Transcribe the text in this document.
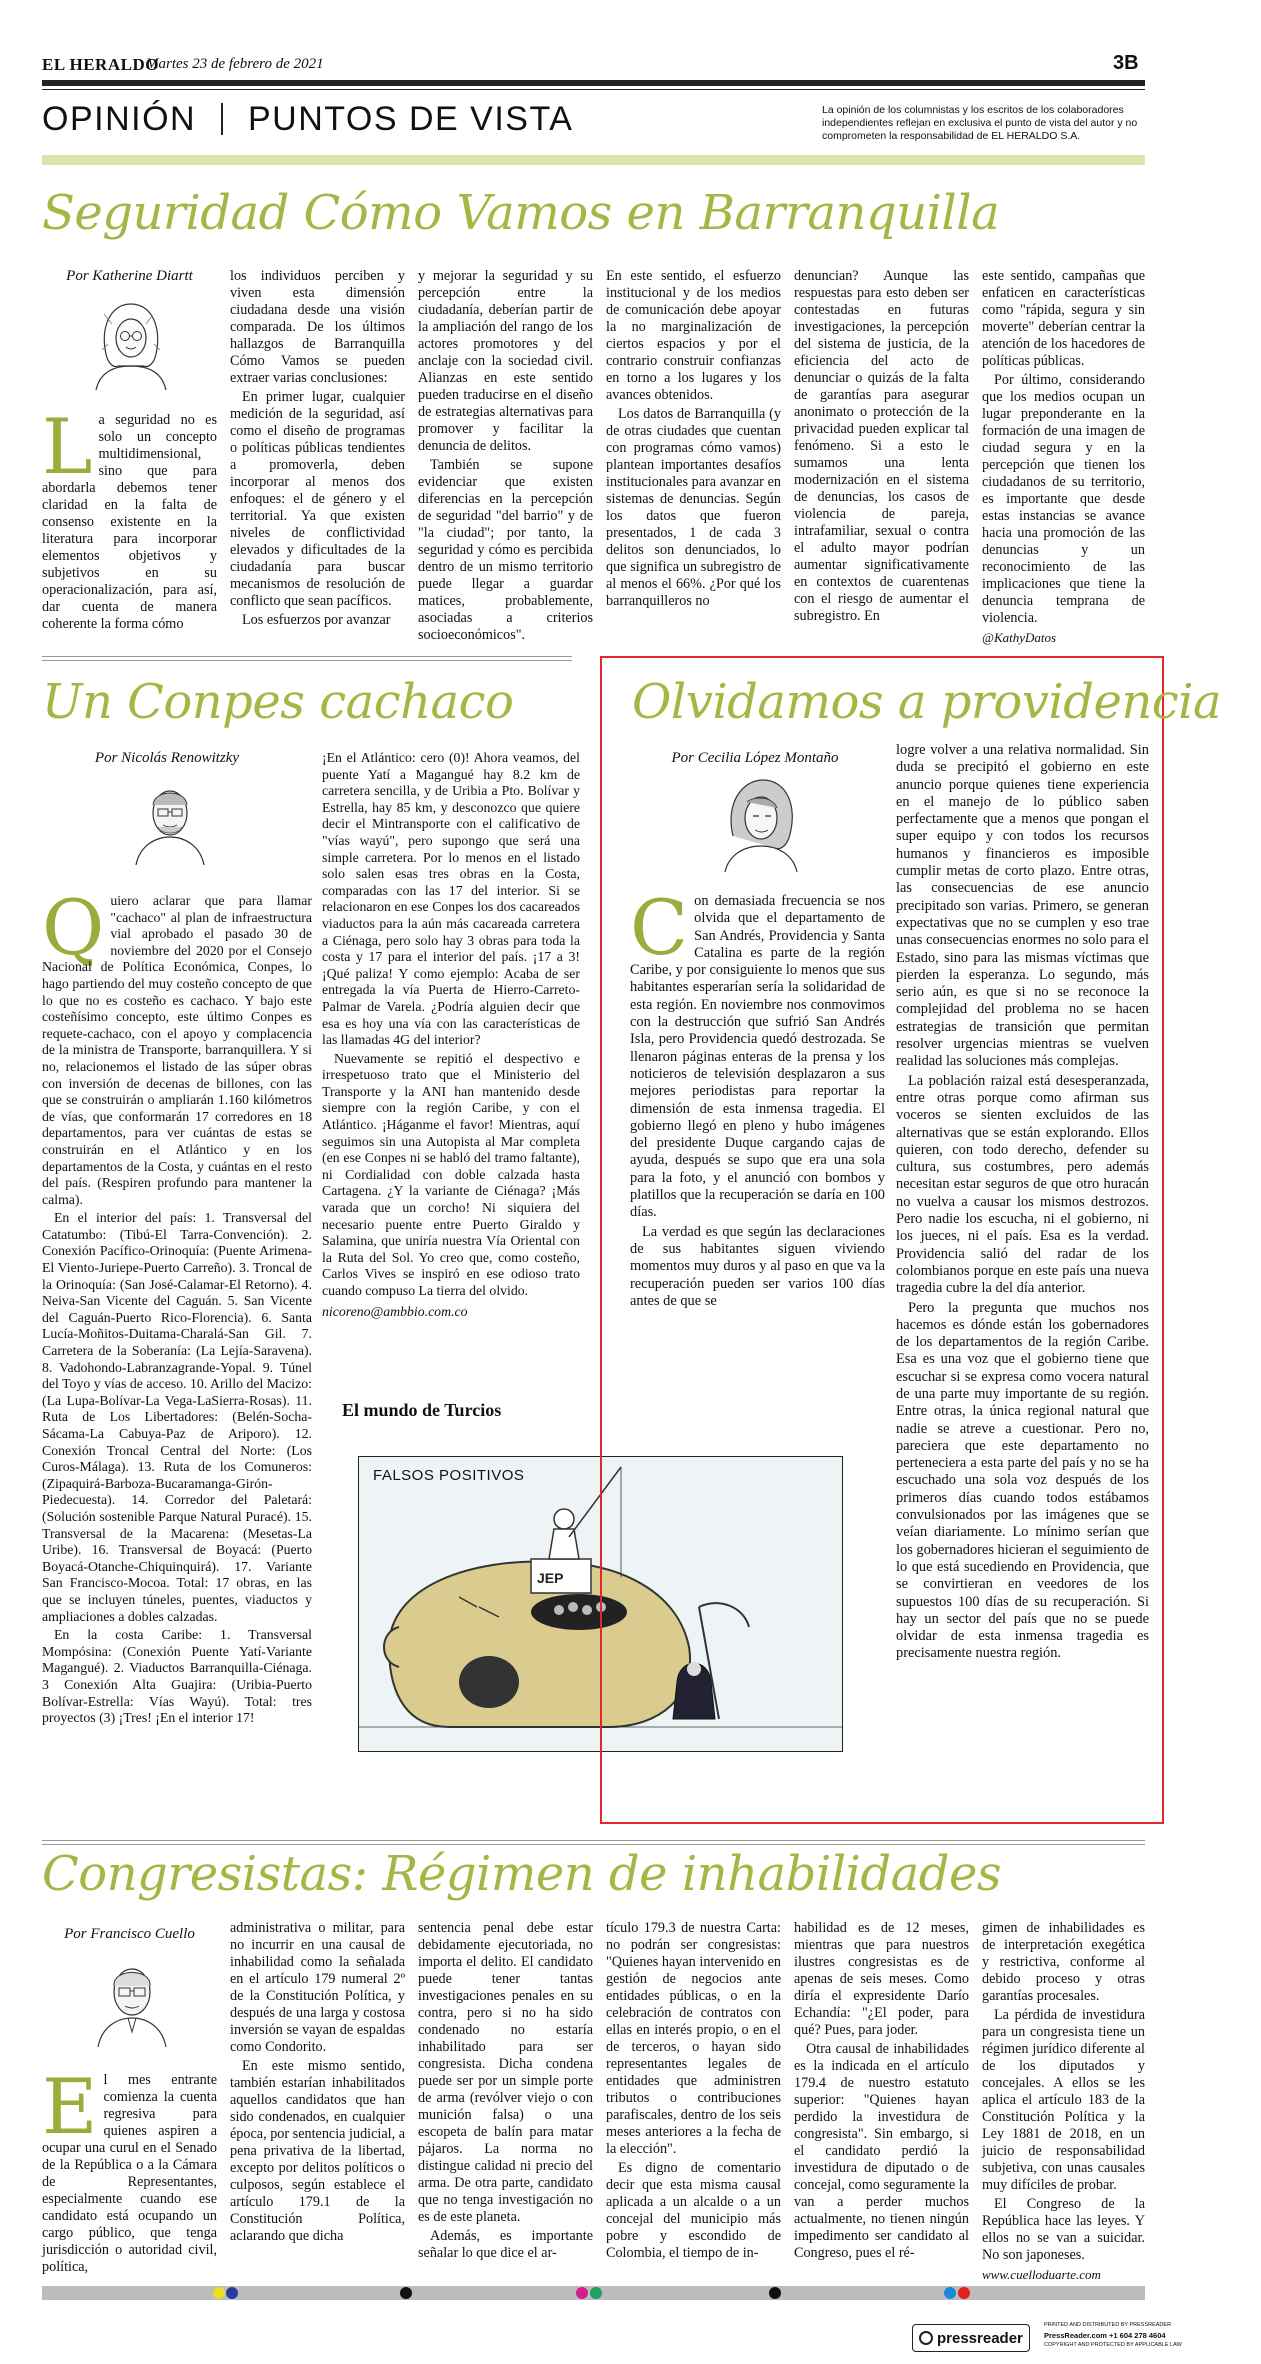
EL HERALDO
Martes 23 de febrero de 2021	3B
OPINIÓN PUNTOS DE VISTA	La opinión de los columnistas y los escritos de los colaboradores independientes reflejan en exclusiva el punto de vista del autor y no comprometen la responsabilidad de EL HERALDO S.A.
Seguridad Cómo Vamos en Barranquilla
Por Katherine Diartt
L a seguridad no es solo un concepto multidimensional, sino que para abordarla debemos tener claridad en la falta de consenso existente en la literatura para incorporar elementos objetivos y subjetivos en su operacionalización, para así, dar cuenta de manera coherente la forma cómo

los individuos perciben y viven esta dimensión ciudadana desde una visión comparada. De los últimos hallazgos de Barranquilla Cómo Vamos se pueden extraer varias conclusiones:

En primer lugar, cualquier medición de la seguridad, así como el diseño de programas o políticas públicas tendientes a promoverla, deben incorporar al menos dos enfoques: el de género y el territorial. Ya que existen niveles de conflictividad elevados y dificultades de la ciudadanía para buscar mecanismos de resolución de conflicto que sean pacíficos.

Los esfuerzos por avanzar

y mejorar la seguridad y su percepción entre la ciudadanía, deberían partir de la ampliación del rango de los actores promotores y del anclaje con la sociedad civil. Alianzas en este sentido pueden traducirse en el diseño de estrategias alternativas para promover y facilitar la denuncia de delitos.

También se supone evidenciar que existen diferencias en la percepción de seguridad "del barrio" y de "la ciudad"; por tanto, la seguridad y cómo es percibida dentro de un mismo territorio puede llegar a guardar matices, probablemente, asociadas a criterios socioeconómicos".

En este sentido, el esfuerzo institucional y de los medios de comunicación debe apoyar la no marginalización de ciertos espacios y por el contrario construir confianzas en torno a los lugares y los avances obtenidos.

Los datos de Barranquilla (y de otras ciudades que cuentan con programas cómo vamos) plantean importantes desafíos institucionales para avanzar en sistemas de denuncias. Según los datos que fueron presentados, 1 de cada 3 delitos son denunciados, lo que significa un subregistro de al menos el 66%. ¿Por qué los barranquilleros no

denuncian? Aunque las respuestas para esto deben ser contestadas en futuras investigaciones, la percepción del sistema de justicia, de la eficiencia del acto de denunciar o quizás de la falta de garantías para asegurar anonimato o protección de la privacidad pueden explicar tal fenómeno. Si a esto le sumamos una lenta modernización en el sistema de denuncias, los casos de violencia de pareja, intrafamiliar, sexual o contra el adulto mayor podrían aumentar significativamente en contextos de cuarentenas con el riesgo de aumentar el subregistro. En

este sentido, campañas que enfaticen en características como "rápida, segura y sin moverte" deberían centrar la atención de los hacedores de políticas públicas.

Por último, considerando que los medios ocupan un lugar preponderante en la formación de una imagen de ciudad segura y en la percepción que tienen los ciudadanos de su territorio, es importante que desde estas instancias se avance hacia una promoción de las denuncias y un reconocimiento de las implicaciones que tiene la denuncia temprana de violencia.

@KathyDatos

Un Conpes cachaco
Por Nicolás Renowitzky
Q uiero aclarar que para llamar "cachaco" al plan de infraestructura vial aprobado el pasado 30 de noviembre del 2020 por el Consejo Nacional de Política Económica, Conpes, lo hago partiendo del muy costeño concepto de que lo que no es costeño es cachaco. Y bajo este costeñísimo concepto, este último Conpes es requete-cachaco, con el apoyo y complacencia de la ministra de Transporte, barranquillera. Y si no, relacionemos el listado de las súper obras con inversión de decenas de billones, con las que se construirán o ampliarán 1.160 kilómetros de vías, que conformarán 17 corredores en 18 departamentos, para ver cuántas de estas se construirán en el Atlántico y en los departamentos de la Costa, y cuántas en el resto del país. (Respiren profundo para mantener la calma).

En el interior del país: 1. Transversal del Catatumbo: (Tibú-El Tarra-Convención). 2. Conexión Pacífico-Orinoquía: (Puente Arimena-El Viento-Juriepe-Puerto Carreño). 3. Troncal de la Orinoquía: (San José-Calamar-El Retorno). 4. Neiva-San Vicente del Caguán. 5. San Vicente del Caguán-Puerto Rico-Florencia). 6. Santa Lucía-Moñitos-Duitama-Charalá-San Gil. 7. Carretera de la Soberanía: (La Lejía-Saravena). 8. Vadohondo-Labranzagrande-Yopal. 9. Túnel del Toyo y vías de acceso. 10. Arillo del Macizo: (La Lupa-Bolívar-La Vega-LaSierra-Rosas). 11. Ruta de Los Libertadores: (Belén-Socha-Sácama-La Cabuya-Paz de Ariporo). 12. Conexión Troncal Central del Norte: (Los Curos-Málaga). 13. Ruta de los Comuneros: (Zipaquirá-Barboza-Bucaramanga-Girón-Piedecuesta). 14. Corredor del Paletará: (Solución sostenible Parque Natural Puracé). 15. Transversal de la Macarena: (Mesetas-La Uribe). 16. Transversal de Boyacá: (Puerto Boyacá-Otanche-Chiquinquirá). 17. Variante San Francisco-Mocoa. Total: 17 obras, en las que se incluyen túneles, puentes, viaductos y ampliaciones a dobles calzadas.

En la costa Caribe: 1. Transversal Mompósina: (Conexión Puente Yatí-Variante Magangué). 2. Viaductos Barranquilla-Ciénaga. 3 Conexión Alta Guajira: (Uribia-Puerto Bolívar-Estrella: Vías Wayú). Total: tres proyectos (3) ¡Tres! ¡En el interior 17!

¡En el Atlántico: cero (0)! Ahora veamos, del puente Yatí a Magangué hay 8.2 km de carretera sencilla, y de Uribia a Pto. Bolívar y Estrella, hay 85 km, y desconozco que quiere decir el Mintransporte con el calificativo de "vías wayú", pero supongo que será una simple carretera. Por lo menos en el listado solo salen esas tres obras en la Costa, comparadas con las 17 del interior. Si se relacionaron en ese Conpes los dos cacareados viaductos para la aún más cacareada carretera a Ciénaga, pero solo hay 3 obras para toda la costa y 17 para el interior del país. ¡17 a 3! ¡Qué paliza! Y como ejemplo: Acaba de ser entregada la vía Puerta de Hierro-Carreto-Palmar de Varela. ¿Podría alguien decir que esa es hoy una vía con las características de las llamadas 4G del interior?

Nuevamente se repitió el despectivo e irrespetuoso trato que el Ministerio del Transporte y la ANI han mantenido desde siempre con la región Caribe, y con el Atlántico. ¡Háganme el favor! Mientras, aquí seguimos sin una Autopista al Mar completa (en ese Conpes ni se habló del tramo faltante), ni Cordialidad con doble calzada hasta Cartagena. ¿Y la variante de Ciénaga? ¡Más varada que un corcho! Ni siquiera del necesario puente entre Puerto Giraldo y Salamina, que uniría nuestra Vía Oriental con la Ruta del Sol. Yo creo que, como costeño, Carlos Vives se inspiró en ese odioso trato cuando compuso La tierra del olvido.

nicoreno@ambbio.com.co

El mundo de Turcios
FALSOS POSITIVOS
JEP
Olvidamos a providencia
Por Cecilia López Montaño
C on demasiada frecuencia se nos olvida que el departamento de San Andrés, Providencia y Santa Catalina es parte de la región Caribe, y por consiguiente lo menos que sus habitantes esperarían sería la solidaridad de esta región. En noviembre nos conmovimos con la destrucción que sufrió San Andrés Isla, pero Providencia quedó destrozada. Se llenaron páginas enteras de la prensa y los noticieros de televisión desplazaron a sus mejores periodistas para reportar la dimensión de esta inmensa tragedia. El gobierno llegó en pleno y hubo imágenes del presidente Duque cargando cajas de ayuda, después se supo que era una sola para la foto, y el anunció con bombos y platillos que la recuperación se daría en 100 días.

La verdad es que según las declaraciones de sus habitantes siguen viviendo momentos muy duros y al paso en que va la recuperación pueden ser varios 100 días antes de que se

logre volver a una relativa normalidad. Sin duda se precipitó el gobierno en este anuncio porque quienes tiene experiencia en el manejo de lo público saben perfectamente que a menos que pongan el super equipo y con todos los recursos humanos y financieros es imposible cumplir metas de corto plazo. Entre otras, las consecuencias de ese anuncio precipitado son varias. Primero, se generan expectativas que no se cumplen y eso trae unas consecuencias enormes no solo para el Estado, sino para las mismas víctimas que pierden la esperanza. Lo segundo, más serio aún, es que si no se reconoce la complejidad del problema no se hacen estrategias de transición que permitan resolver urgencias mientras se vuelven realidad las soluciones más complejas.

La población raizal está desesperanzada, entre otras porque como afirman sus voceros se sienten excluidos de las alternativas que se están explorando. Ellos quieren, con todo derecho, defender su cultura, sus costumbres, pero además necesitan estar seguros de que otro huracán no vuelva a causar los mismos destrozos. Pero nadie los escucha, ni el gobierno, ni los jueces, ni el país. Esa es la verdad. Providencia salió del radar de los colombianos porque en este país una nueva tragedia cubre la del día anterior.

Pero la pregunta que muchos nos hacemos es dónde están los gobernadores de los departamentos de la región Caribe. Esa es una voz que el gobierno tiene que escuchar si se expresa como vocera natural de una parte muy importante de su región. Entre otras, la única regional natural que nadie se atreve a cuestionar. Pero no, pareciera que este departamento no perteneciera a esta parte del país y no se ha escuchado una sola voz después de los primeros días cuando todos estábamos convulsionados por las imágenes que se veían diariamente. Lo mínimo serían que los gobernadores hicieran el seguimiento de lo que está sucediendo en Providencia, que se convirtieran en veedores de los supuestos 100 días de su recuperación. Si hay un sector del país que no se puede olvidar de esta inmensa tragedia es precisamente nuestra región.

Congresistas: Régimen de inhabilidades
Por Francisco Cuello
E l mes entrante comienza la cuenta regresiva para quienes aspiren a ocupar una curul en el Senado de la República o a la Cámara de Representantes, especialmente cuando ese candidato está ocupando un cargo público, que tenga jurisdicción o autoridad civil, política,

administrativa o militar, para no incurrir en una causal de inhabilidad como la señalada en el artículo 179 numeral 2º de la Constitución Política, y después de una larga y costosa inversión se vayan de espaldas como Condorito.

En este mismo sentido, también estarían inhabilitados aquellos candidatos que han sido condenados, en cualquier época, por sentencia judicial, a pena privativa de la libertad, excepto por delitos políticos o culposos, según establece el artículo 179.1 de la Constitución Política, aclarando que dicha

sentencia penal debe estar debidamente ejecutoriada, no importa el delito. El candidato puede tener tantas investigaciones penales en su contra, pero si no ha sido condenado no estaría inhabilitado para ser congresista. Dicha condena puede ser por un simple porte de arma (revólver viejo o con munición falsa) o una escopeta de balín para matar pájaros. La norma no distingue calidad ni precio del arma. De otra parte, candidato que no tenga investigación no es de este planeta.

Además, es importante señalar lo que dice el ar-

tículo 179.3 de nuestra Carta: no podrán ser congresistas: "Quienes hayan intervenido en gestión de negocios ante entidades públicas, o en la celebración de contratos con ellas en interés propio, o en el de terceros, o hayan sido representantes legales de entidades que administren tributos o contribuciones parafiscales, dentro de los seis meses anteriores a la fecha de la elección".

Es digno de comentario decir que esta misma causal aplicada a un alcalde o a un concejal del municipio más pobre y escondido de Colombia, el tiempo de in-

habilidad es de 12 meses, mientras que para nuestros ilustres congresistas es de apenas de seis meses. Como diría el expresidente Darío Echandía: "¿El poder, para qué? Pues, para joder.

Otra causal de inhabilidades es la indicada en el artículo 179.4 de nuestro estatuto superior: "Quienes hayan perdido la investidura de congresista". Sin embargo, si el candidato perdió la investidura de diputado o de concejal, como seguramente la van a perder muchos actualmente, no tienen ningún impedimento ser candidato al Congreso, pues el ré-

gimen de inhabilidades es de interpretación exegética y restrictiva, conforme al debido proceso y otras garantías procesales.

La pérdida de investidura para un congresista tiene un régimen jurídico diferente al de los diputados y concejales. A ellos se les aplica el artículo 183 de la Constitución Política y la Ley 1881 de 2018, en un juicio de responsabilidad subjetiva, con unas causales muy difíciles de probar.

El Congreso de la República hace las leyes. Y ellos no se van a suicidar. No son japoneses.

www.cuelloduarte.com

pressreader
PRINTED AND DISTRIBUTED BY PRESSREADER
PressReader.com +1 604 278 4604
COPYRIGHT AND PROTECTED BY APPLICABLE LAW
